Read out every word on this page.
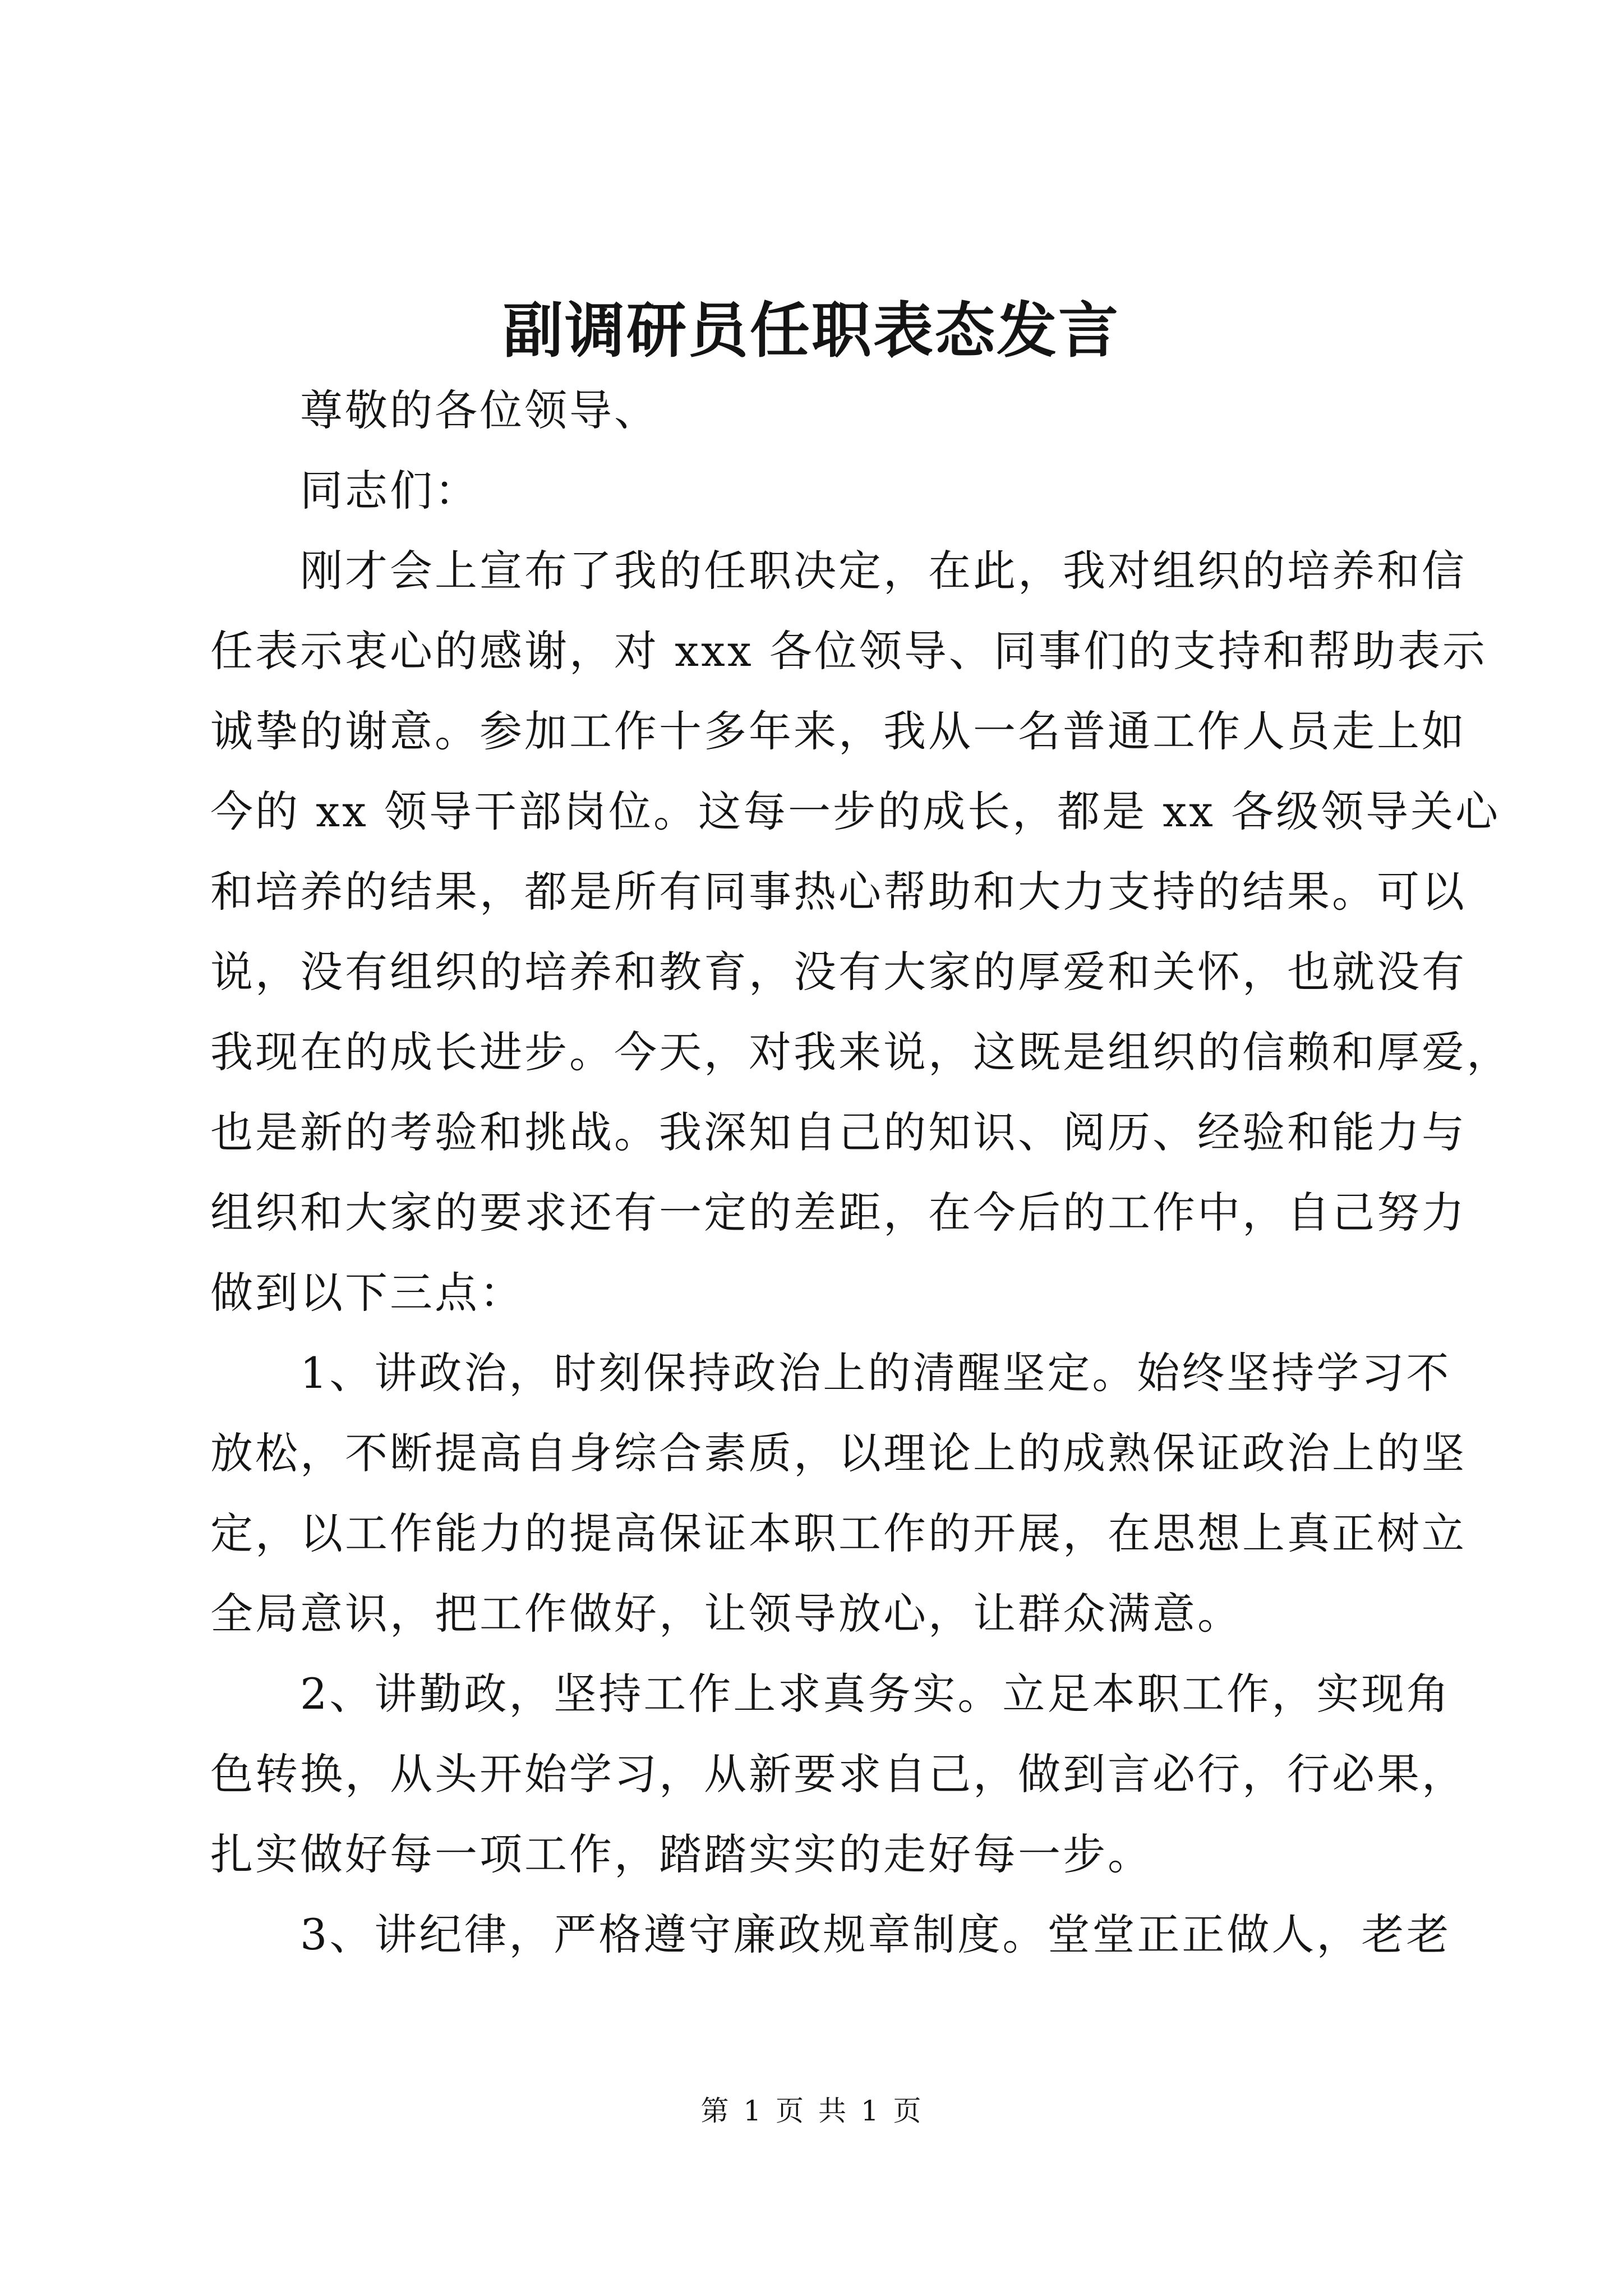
副调研员任职表态发言
尊敬的各位领导、
同志们：
刚才会上宣布了我的任职决定，在此，我对组织的培养和信
任表示衷心的感谢，对 xxx 各位领导、同事们的支持和帮助表示
诚挚的谢意。参加工作十多年来，我从一名普通工作人员走上如
今的 xx 领导干部岗位。这每一步的成长，都是 xx 各级领导关心
和培养的结果，都是所有同事热心帮助和大力支持的结果。可以
说，没有组织的培养和教育，没有大家的厚爱和关怀，也就没有
我现在的成长进步。今天，对我来说，这既是组织的信赖和厚爱，
也是新的考验和挑战。我深知自己的知识、阅历、经验和能力与
组织和大家的要求还有一定的差距，在今后的工作中，自己努力
做到以下三点：
1、讲政治，时刻保持政治上的清醒坚定。始终坚持学习不
放松，不断提高自身综合素质，以理论上的成熟保证政治上的坚
定，以工作能力的提高保证本职工作的开展，在思想上真正树立
全局意识，把工作做好，让领导放心，让群众满意。
2、讲勤政，坚持工作上求真务实。立足本职工作，实现角
色转换，从头开始学习，从新要求自己，做到言必行，行必果，
扎实做好每一项工作，踏踏实实的走好每一步。
3、讲纪律，严格遵守廉政规章制度。堂堂正正做人，老老
第 1 页 共 1 页
